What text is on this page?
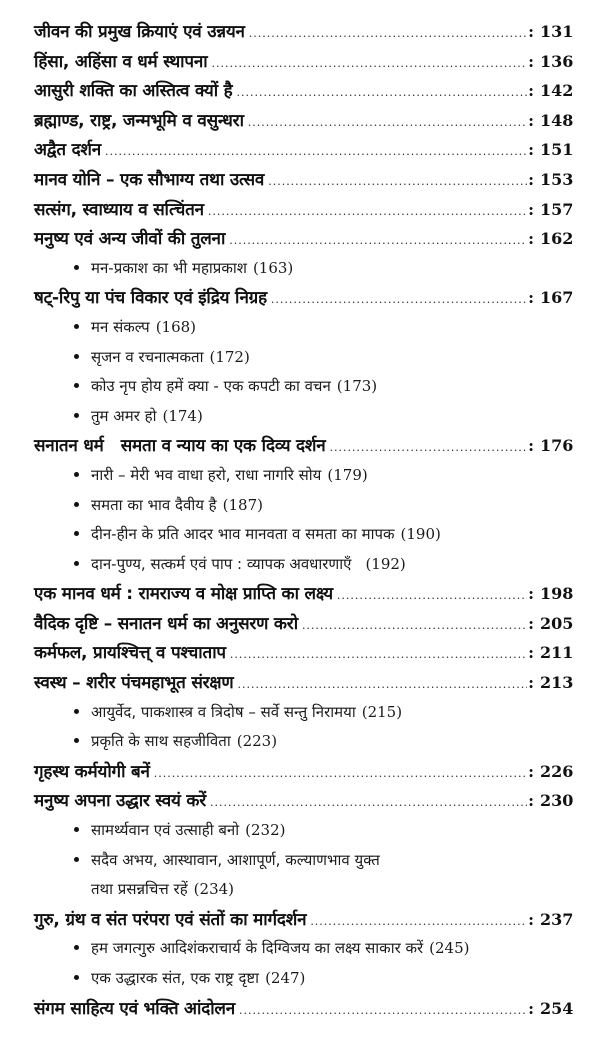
जीवन की प्रमुख क्रियाएं एवं उन्नयन .....	: 131
हिंसा, अहिंसा व धर्म स्थापना .....	: 136
आसुरी शक्ति का अस्तित्व क्यों है .....	: 142
ब्रह्माण्ड, राष्ट्र, जन्मभूमि व वसुन्धरा .....	: 148
अद्वैत दर्शन .....	: 151
मानव योनि – एक सौभाग्य तथा उत्सव .....	: 153
सत्संग, स्वाध्याय व सत्चिंतन .....	: 157
मनुष्य एवं अन्य जीवों की तुलना .....	: 162
मन-प्रकाश का भी महाप्रकाश (163)
षट्-रिपु या पंच विकार एवं इंद्रिय निग्रह .....	: 167
मन संकल्प (168)
सृजन व रचनात्मकता (172)
कोउ नृप होय हमें क्या - एक कपटी का वचन (173)
तुम अमर हो (174)
सनातन धर्म   समता व न्याय का एक दिव्य दर्शन .....	: 176
नारी – मेरी भव वाधा हरो, राधा नागरि सोय (179)
समता का भाव दैवीय है (187)
दीन-हीन के प्रति आदर भाव मानवता व समता का मापक (190)
दान-पुण्य, सत्कर्म एवं पाप : व्यापक अवधारणाएँ (192)
एक मानव धर्म : रामराज्य व मोक्ष प्राप्ति का लक्ष्य .....	: 198
वैदिक दृष्टि – सनातन धर्म का अनुसरण करो .....	: 205
कर्मफल, प्रायश्चित्त् व पश्चाताप .....	: 211
स्वस्थ – शरीर पंचमहाभूत संरक्षण .....	: 213
आयुर्वेद, पाकशास्त्र व त्रिदोष – सर्वे सन्तु निरामया (215)
प्रकृति के साथ सहजीविता (223)
गृहस्थ कर्मयोगी बनें .....	: 226
मनुष्य अपना उद्धार स्वयं करें .....	: 230
सामर्थ्यवान एवं उत्साही बनो (232)
सदैव अभय, आस्थावान, आशापूर्ण, कल्याणभाव युक्त
तथा प्रसन्नचित्त रहें (234)
गुरु, ग्रंथ व संत परंपरा एवं संतों का मार्गदर्शन .....	: 237
हम जगत्गुरु आदिशंकराचार्य के दिग्विजय का लक्ष्य साकार करें (245)
एक उद्धारक संत, एक राष्ट्र दृष्टा (247)
संगम साहित्य एवं भक्ति आंदोलन .....	: 254
